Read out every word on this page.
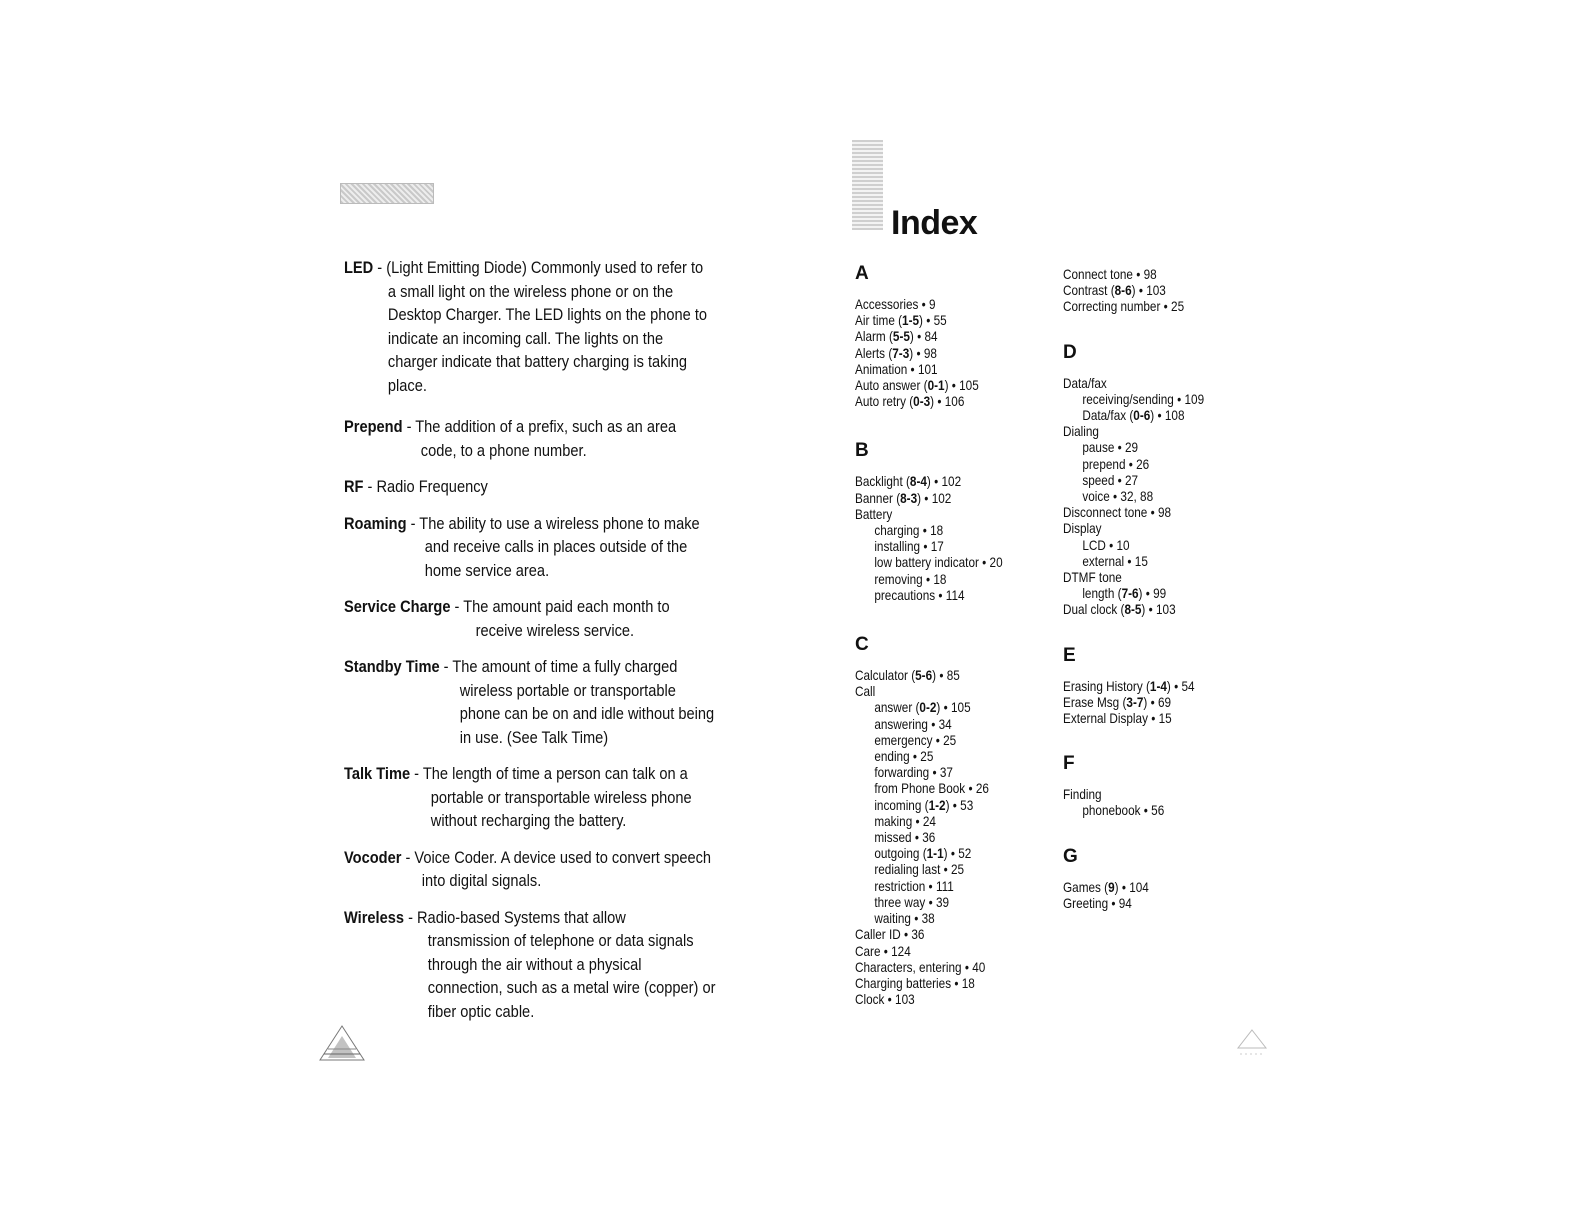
LED - (Light Emitting Diode) Commonly used to refer to
a small light on the wireless phone or on the
Desktop Charger. The LED lights on the phone to
indicate an incoming call. The lights on the
charger indicate that battery charging is taking
place.
Prepend - The addition of a prefix, such as an area
code, to a phone number.
RF - Radio Frequency
Roaming - The ability to use a wireless phone to make
and receive calls in places outside of the
home service area.
Service Charge - The amount paid each month to
receive wireless service.
Standby Time - The amount of time a fully charged
wireless portable or transportable
phone can be on and idle without being
in use. (See Talk Time)
Talk Time - The length of time a person can talk on a
portable or transportable wireless phone
without recharging the battery.
Vocoder - Voice Coder. A device used to convert speech
into digital signals.
Wireless - Radio-based Systems that allow
transmission of telephone or data signals
through the air without a physical
connection, such as a metal wire (copper) or
fiber optic cable.
Index
A
Accessories • 9
Air time (1-5) • 55
Alarm (5-5) • 84
Alerts (7-3) • 98
Animation • 101
Auto answer (0-1) • 105
Auto retry (0-3) • 106
B
Backlight (8-4) • 102
Banner (8-3) • 102
Battery
charging • 18
installing • 17
low battery indicator • 20
removing • 18
precautions • 114
C
Calculator (5-6) • 85
Call
answer (0-2) • 105
answering • 34
emergency • 25
ending • 25
forwarding • 37
from Phone Book • 26
incoming (1-2) • 53
making • 24
missed • 36
outgoing (1-1) • 52
redialing last • 25
restriction • 111
three way • 39
waiting • 38
Caller ID • 36
Care • 124
Characters, entering • 40
Charging batteries • 18
Clock • 103
Connect tone • 98
Contrast (8-6) • 103
Correcting number • 25
D
Data/fax
receiving/sending • 109
Data/fax (0-6) • 108
Dialing
pause • 29
prepend • 26
speed • 27
voice • 32, 88
Disconnect tone • 98
Display
LCD • 10
external • 15
DTMF tone
length (7-6) • 99
Dual clock (8-5) • 103
E
Erasing History (1-4) • 54
Erase Msg (3-7) • 69
External Display • 15
F
Finding
phonebook • 56
G
Games (9) • 104
Greeting • 94
